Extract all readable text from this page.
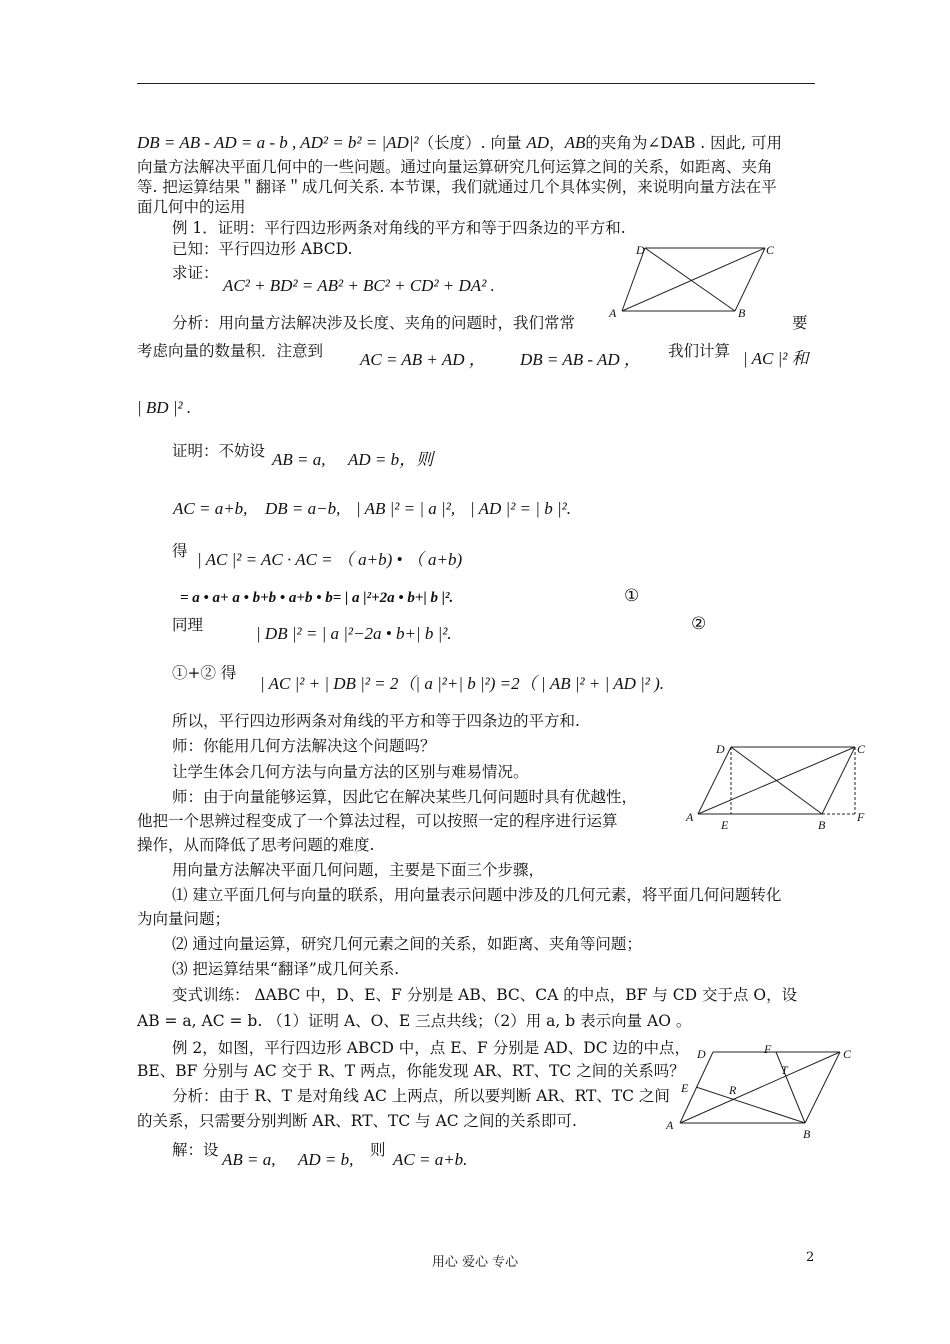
DB = AB - AD = a - b , AD² = b² = |AD|²（长度）. 向量 AD，AB的夹角为∠DAB . 因此, 可用
向量方法解决平面几何中的一些问题。通过向量运算研究几何运算之间的关系，如距离、夹角
等. 把运算结果＂翻译＂成几何关系. 本节课，我们就通过几个具体实例，来说明向量方法在平
面几何中的运用
例 1．证明：平行四边形两条对角线的平方和等于四条边的平方和.
已知：平行四边形 ABCD.
求证：
AC² + BD² = AB² + BC² + CD² + DA² .
D	C
A	B
分析：用向量方法解决涉及长度、夹角的问题时，我们常常	要
考虑向量的数量积．注意到 AC = AB + AD ， DB = AB - AD ， 我们计算 | AC |² 和
| BD |² .
证明：不妨设 AB = a, AD = b，则
AC = a+b, DB = a−b, | AB |² = | a |², | AD |² = | b |².
得 | AC |² = AC · AC = （ a+b) • （ a+b)
= a • a+ a • b+b • a+b • b= | a |²+2a • b+| b |².	①
同理	| DB |² = | a |²−2a • b+| b |².	②
①+② 得
| AC |² + | DB |² = 2（| a |²+| b |²) =2（ | AB |² + | AD |² ).
所以，平行四边形两条对角线的平方和等于四条边的平方和.
师：你能用几何方法解决这个问题吗？
让学生体会几何方法与向量方法的区别与难易情况。
师：由于向量能够运算，因此它在解决某些几何问题时具有优越性，
他把一个思辨过程变成了一个算法过程，可以按照一定的程序进行运算
操作，从而降低了思考问题的难度.
D	C
A
E	B
F
用向量方法解决平面几何问题，主要是下面三个步骤，
⑴ 建立平面几何与向量的联系，用向量表示问题中涉及的几何元素，将平面几何问题转化
为向量问题；
⑵ 通过向量运算，研究几何元素之间的关系，如距离、夹角等问题；
⑶ 把运算结果“翻译”成几何关系.
变式训练： ΔABC 中，D、E、F 分别是 AB、BC、CA 的中点，BF 与 CD 交于点 O，设
AB = a, AC = b. （1）证明 A、O、E 三点共线；（2）用 a, b 表示向量 AO 。
例 2，如图，平行四边形 ABCD 中，点 E、F 分别是 AD、DC 边的中点，
BE、BF 分别与 AC 交于 R、T 两点，你能发现 AR、RT、TC 之间的关系吗？
分析：由于 R、T 是对角线 AC 上两点，所以要判断 AR、RT、TC 之间
的关系，只需要分别判断 AR、RT、TC 与 AC 之间的关系即可.
D	F	C
T
E	R
A
B
解：设 AB = a, AD = b, 则 AC = a+b.
用心 爱心 专心	2
